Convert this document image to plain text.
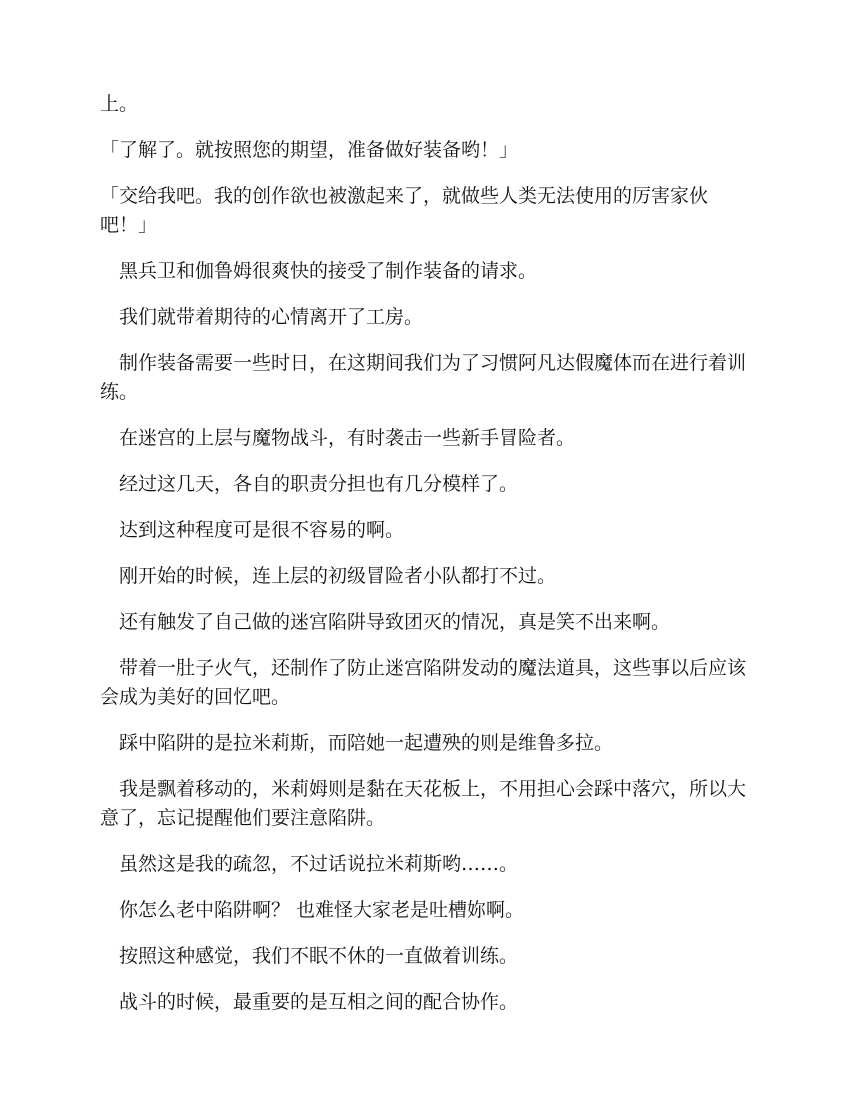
上。

「了解了。就按照您的期望，准备做好装备哟！」

「交给我吧。我的创作欲也被激起来了，就做些人类无法使用的厉害家伙吧！」

　黑兵卫和伽鲁姆很爽快的接受了制作装备的请求。

　我们就带着期待的心情离开了工房。

　制作装备需要一些时日，在这期间我们为了习惯阿凡达假魔体而在进行着训练。

　在迷宫的上层与魔物战斗，有时袭击一些新手冒险者。

　经过这几天，各自的职责分担也有几分模样了。

　达到这种程度可是很不容易的啊。

　刚开始的时候，连上层的初级冒险者小队都打不过。

　还有触发了自己做的迷宫陷阱导致团灭的情况，真是笑不出来啊。

　带着一肚子火气，还制作了防止迷宫陷阱发动的魔法道具，这些事以后应该会成为美好的回忆吧。

　踩中陷阱的是拉米莉斯，而陪她一起遭殃的则是维鲁多拉。

　我是飘着移动的，米莉姆则是黏在天花板上，不用担心会踩中落穴，所以大意了，忘记提醒他们要注意陷阱。

　虽然这是我的疏忽，不过话说拉米莉斯哟……。

　你怎么老中陷阱啊？ 也难怪大家老是吐槽妳啊。

　按照这种感觉，我们不眠不休的一直做着训练。

　战斗的时候，最重要的是互相之间的配合协作。
